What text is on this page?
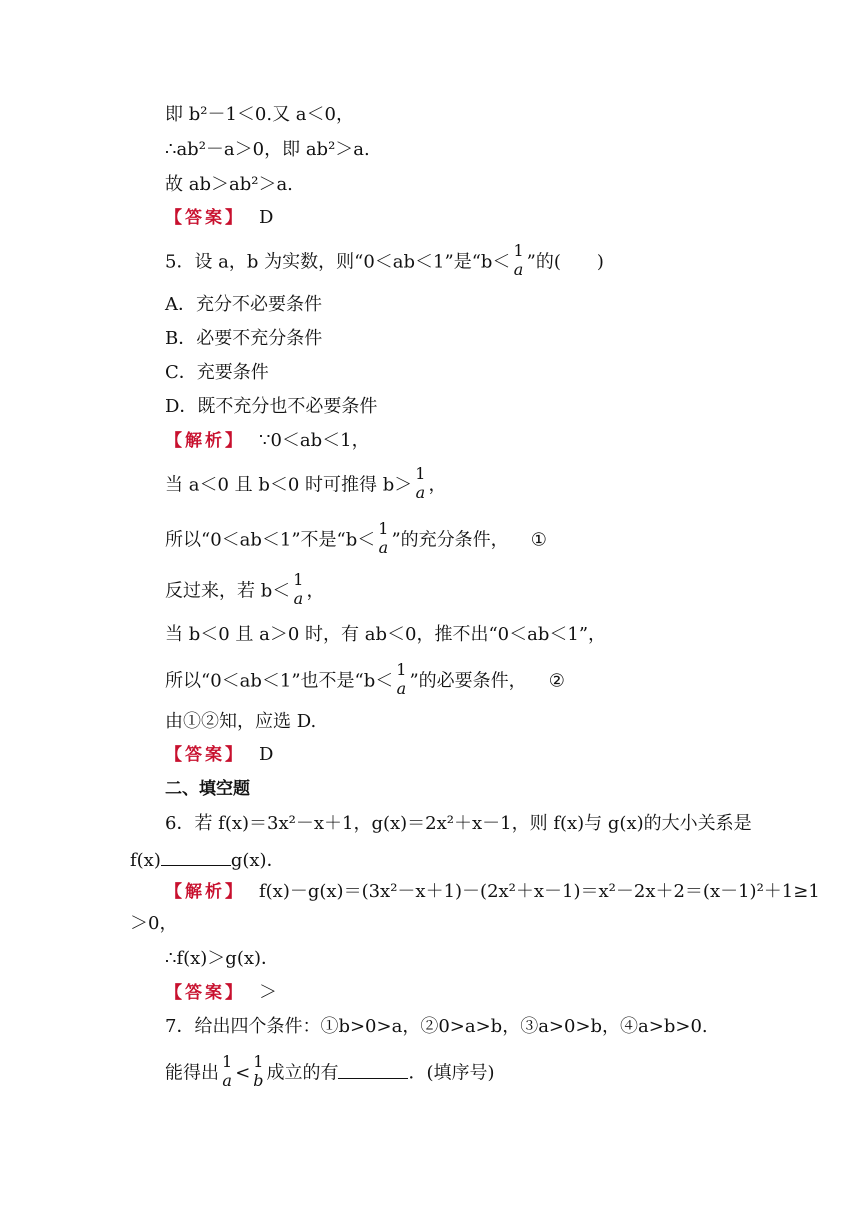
即 b²－1＜0.又 a＜0，
∴ab²－a＞0，即 ab²＞a.
故 ab＞ab²＞a.
【答案】 D
5．设 a，b 为实数，则“0＜ab＜1”是“b＜
1
a ”的(　　)
A．充分不必要条件
B．必要不充分条件
C．充要条件
D．既不充分也不必要条件
【解析】 ∵0＜ab＜1，
当 a＜0 且 b＜0 时可推得 b＞
1
a ，
所以“0＜ab＜1”不是“b＜
1
a ”的充分条件， ①
反过来，若 b＜
1
a ，
当 b＜0 且 a＞0 时，有 ab＜0，推不出“0＜ab＜1”，
所以“0＜ab＜1”也不是“b＜
1
a ”的必要条件， ②
由①②知，应选 D.
【答案】 D
二、填空题
6．若 f(x)＝3x²－x＋1，g(x)＝2x²＋x－1，则 f(x)与 g(x)的大小关系是
f(x)	g(x)．
【解析】 f(x)－g(x)＝(3x²－x＋1)－(2x²＋x－1)＝x²－2x＋2＝(x－1)²＋1≥1
＞0，
∴f(x)＞g(x)．
【答案】 ＞
7．给出四个条件：①b>0>a，②0>a>b，③a>0>b，④a>b>0.
能得出
1
a <
1
b 成立的有	．(填序号)
